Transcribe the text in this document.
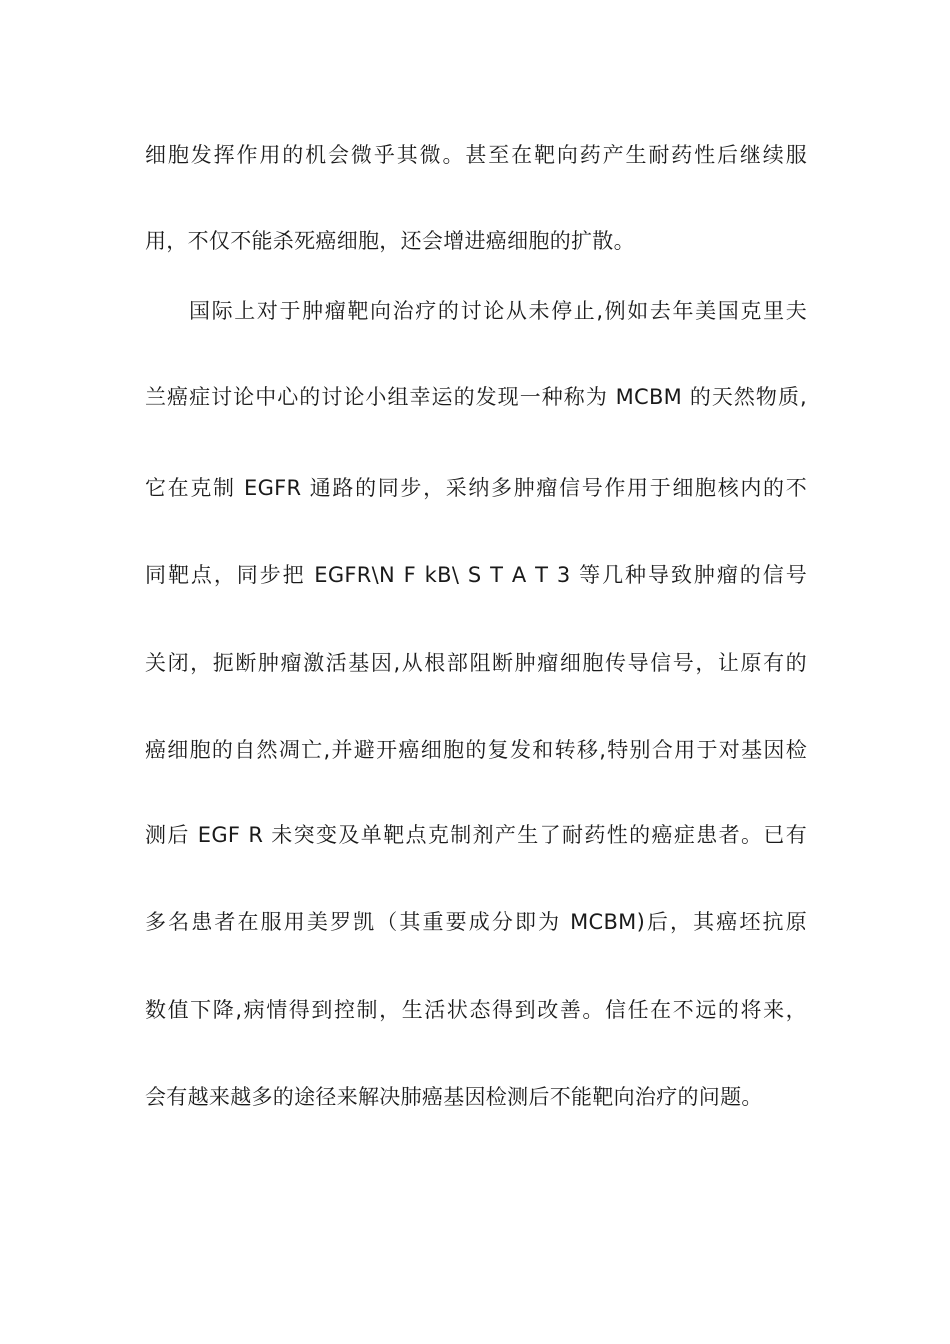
细胞发挥作用的机会微乎其微。甚至在靶向药产生耐药性后继续服
用，不仅不能杀死癌细胞，还会增进癌细胞的扩散。
国际上对于肿瘤靶向治疗的讨论从未停止,例如去年美国克里夫
兰癌症讨论中心的讨论小组幸运的发现一种称为 MCBM 的天然物质,
它在克制 EGFR 通路的同步，采纳多肿瘤信号作用于细胞核内的不
同靶点，同步把 EGFR\N F kB\ S T A T 3 等几种导致肿瘤的信号
关闭，扼断肿瘤激活基因,从根部阻断肿瘤细胞传导信号，让原有的
癌细胞的自然凋亡,并避开癌细胞的复发和转移,特别合用于对基因检
测后 EGF R 未突变及单靶点克制剂产生了耐药性的癌症患者。已有
多名患者在服用美罗凯（其重要成分即为 MCBM)后，其癌坯抗原
数值下降,病情得到控制，生活状态得到改善。信任在不远的将来，
会有越来越多的途径来解决肺癌基因检测后不能靶向治疗的问题。
